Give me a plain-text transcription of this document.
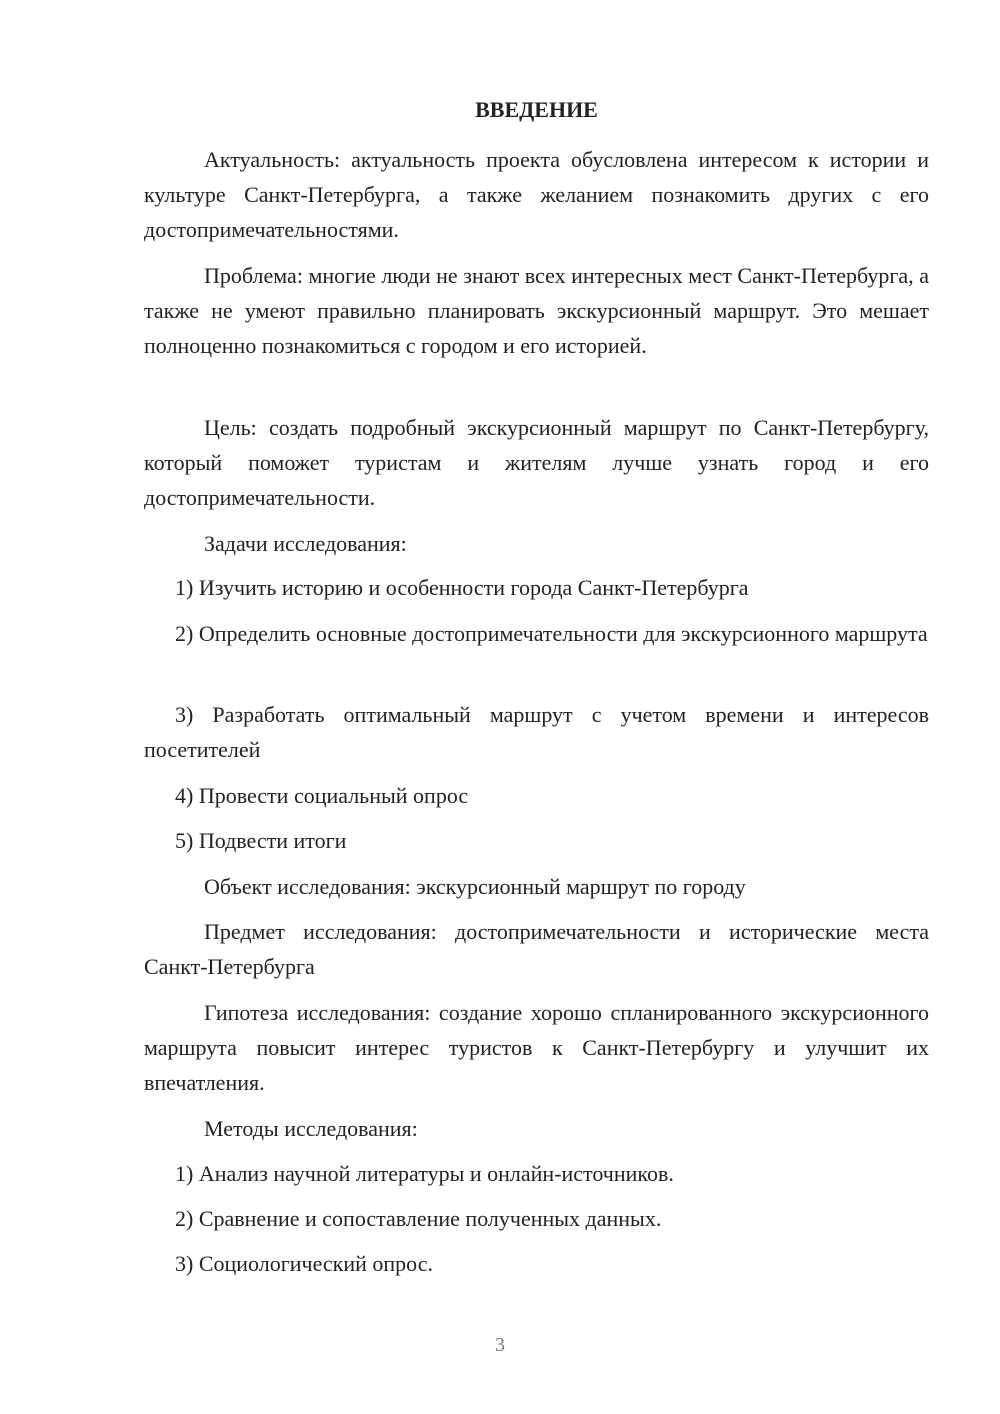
ВВЕДЕНИЕ

Актуальность: актуальность проекта обусловлена интересом к истории и культуре Санкт-Петербурга, а также желанием познакомить других с его достопримечательностями.

Проблема: многие люди не знают всех интересных мест Санкт-Петербурга, а также не умеют правильно планировать экскурсионный маршрут. Это мешает полноценно познакомиться с городом и его историей.

Цель: создать подробный экскурсионный маршрут по Санкт-Петербургу, который поможет туристам и жителям лучше узнать город и его достопримечательности.

Задачи исследования:

1) Изучить историю и особенности города Санкт-Петербурга

2) Определить основные достопримечательности для экскурсионного маршрута

3) Разработать оптимальный маршрут с учетом времени и интересов посетителей

4) Провести социальный опрос

5) Подвести итоги

Объект исследования: экскурсионный маршрут по городу

Предмет исследования: достопримечательности и исторические места Санкт-Петербурга

Гипотеза исследования: создание хорошо спланированного экскурсионного маршрута повысит интерес туристов к Санкт-Петербургу и улучшит их впечатления.

Методы исследования:

1) Анализ научной литературы и онлайн-источников.

2) Сравнение и сопоставление полученных данных.

3) Социологический опрос.

3
